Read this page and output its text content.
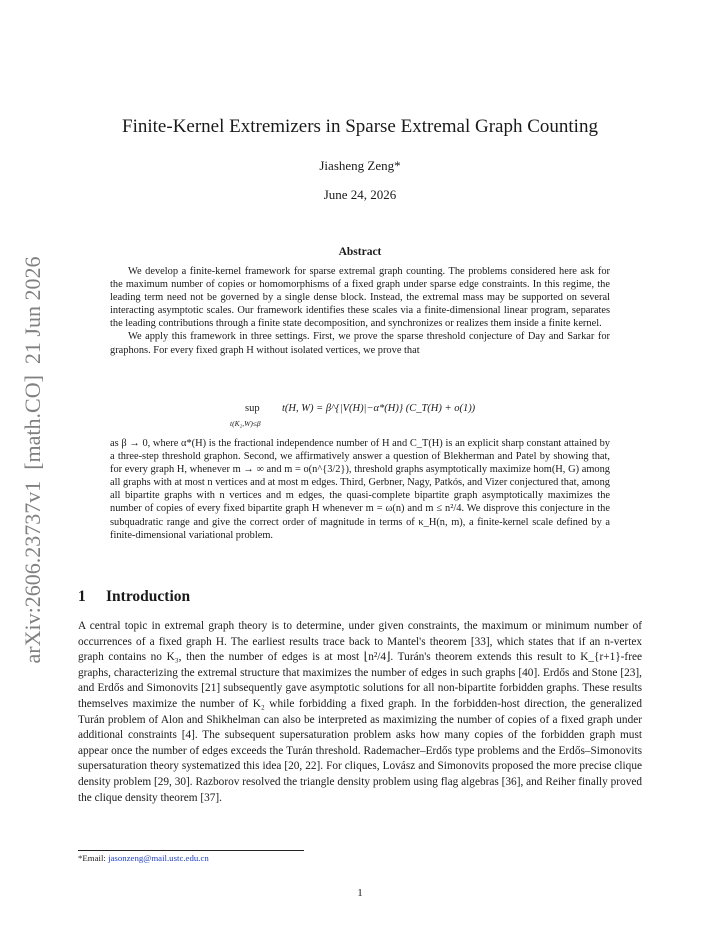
arXiv:2606.23737v1  [math.CO]  21 Jun 2026
Finite-Kernel Extremizers in Sparse Extremal Graph Counting
Jiasheng Zeng*
June 24, 2026
Abstract

We develop a finite-kernel framework for sparse extremal graph counting. The problems considered here ask for the maximum number of copies or homomorphisms of a fixed graph under sparse edge constraints. In this regime, the leading term need not be governed by a single dense block. Instead, the extremal mass may be supported on several interacting asymptotic scales. Our framework identifies these scales via a finite-dimensional linear program, separates the leading contributions through a finite state decomposition, and synchronizes or realizes them inside a finite kernel.

We apply this framework in three settings. First, we prove the sparse threshold conjecture of Day and Sarkar for graphons. For every fixed graph H without isolated vertices, we prove that

sup
t(K₂,W)≤β
t(H, W) = β^{|V(H)|−α*(H)} (C_T(H) + o(1))

as β → 0, where α*(H) is the fractional independence number of H and C_T(H) is an explicit sharp constant attained by a three-step threshold graphon. Second, we affirmatively answer a question of Blekherman and Patel by showing that, for every graph H, whenever m → ∞ and m = o(n^{3/2}), threshold graphs asymptotically maximize hom(H, G) among all graphs with at most n vertices and at most m edges. Third, Gerbner, Nagy, Patkós, and Vizer conjectured that, among all bipartite graphs with n vertices and m edges, the quasi-complete bipartite graph asymptotically maximizes the number of copies of every fixed bipartite graph H whenever m = ω(n) and m ≤ n²/4. We disprove this conjecture in the subquadratic range and give the correct order of magnitude in terms of κ_H(n, m), a finite-kernel scale defined by a finite-dimensional variational problem.

1 Introduction

A central topic in extremal graph theory is to determine, under given constraints, the maximum or minimum number of occurrences of a fixed graph H. The earliest results trace back to Mantel's theorem [33], which states that if an n-vertex graph contains no K₃, then the number of edges is at most ⌊n²/4⌋. Turán's theorem extends this result to K_{r+1}-free graphs, characterizing the extremal structure that maximizes the number of edges in such graphs [40]. Erdős and Stone [23], and Erdős and Simonovits [21] subsequently gave asymptotic solutions for all non-bipartite forbidden graphs. These results themselves maximize the number of K₂ while forbidding a fixed graph. In the forbidden-host direction, the generalized Turán problem of Alon and Shikhelman can also be interpreted as maximizing the number of copies of a fixed graph under additional constraints [4]. The subsequent supersaturation problem asks how many copies of the forbidden graph must appear once the number of edges exceeds the Turán threshold. Rademacher–Erdős type problems and the Erdős–Simonovits supersaturation theory systematized this idea [20, 22]. For cliques, Lovász and Simonovits proposed the more precise clique density problem [29, 30]. Razborov resolved the triangle density problem using flag algebras [36], and Reiher finally proved the clique density theorem [37].

*Email: jasonzeng@mail.ustc.edu.cn
1
